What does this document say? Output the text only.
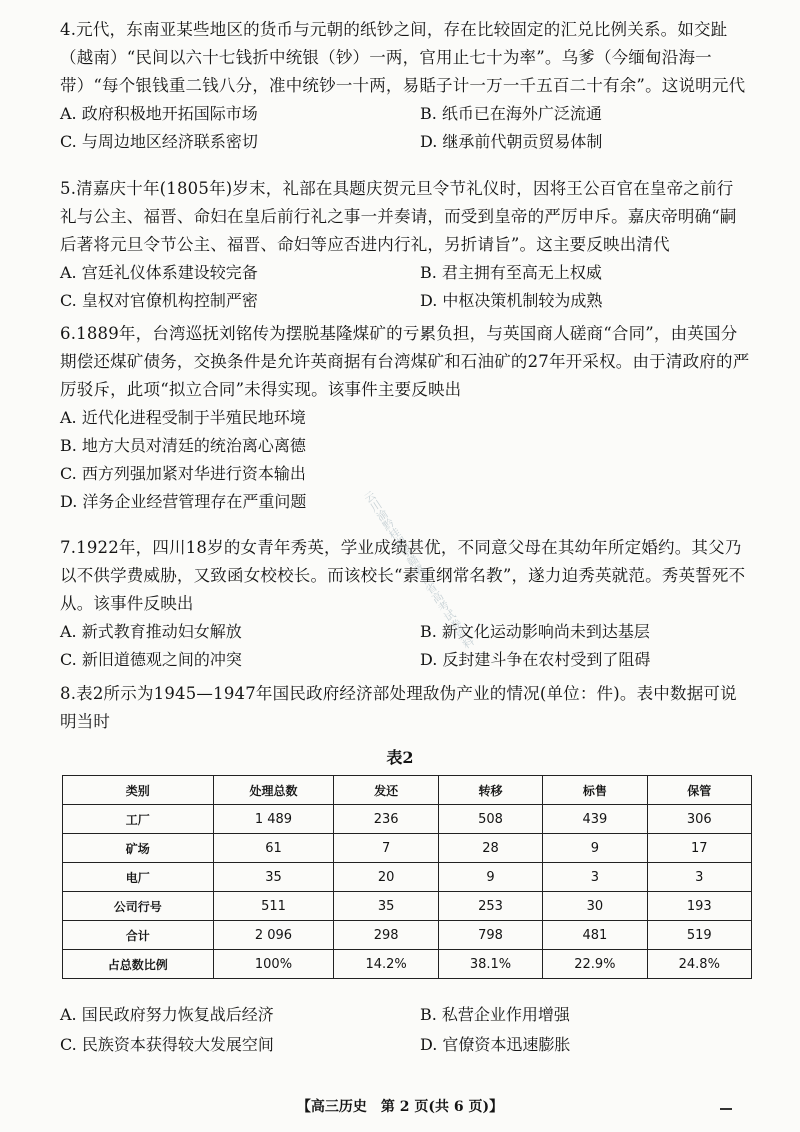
4.元代，东南亚某些地区的货币与元朝的纸钞之间，存在比较固定的汇兑比例关系。如交趾（越南）“民间以六十七钱折中统银（钞）一两，官用止七十为率”。乌爹（今缅甸沿海一带）“每个银钱重二钱八分，准中统钞一十两，易𧵳子计一万一千五百二十有余”。这说明元代
A. 政府积极地开拓国际市场	B. 纸币已在海外广泛流通
C. 与周边地区经济联系密切	D. 继承前代朝贡贸易体制
5.清嘉庆十年(1805年)岁末，礼部在具题庆贺元旦令节礼仪时，因将王公百官在皇帝之前行礼与公主、福晋、命妇在皇后前行礼之事一并奏请，而受到皇帝的严厉申斥。嘉庆帝明确“嗣后著将元旦令节公主、福晋、命妇等应否进内行礼，另折请旨”。这主要反映出清代
A. 宫廷礼仪体系建设较完备	B. 君主拥有至高无上权威
C. 皇权对官僚机构控制严密	D. 中枢决策机制较为成熟
6.1889年，台湾巡抚刘铭传为摆脱基隆煤矿的亏累负担，与英国商人磋商“合同”，由英国分期偿还煤矿债务，交换条件是允许英商据有台湾煤矿和石油矿的27年开采权。由于清政府的严厉驳斥，此项“拟立合同”未得实现。该事件主要反映出
A. 近代化进程受制于半殖民地环境
B. 地方大员对清廷的统治离心离德
C. 西方列强加紧对华进行资本输出
D. 洋务企业经营管理存在严重问题	云川渝黔桂湘鄂赣冀各省高考试卷资料
7.1922年，四川18岁的女青年秀英，学业成绩甚优，不同意父母在其幼年所定婚约。其父乃以不供学费威胁，又致函女校校长。而该校长“素重纲常名教”，遂力迫秀英就范。秀英誓死不从。该事件反映出
A. 新式教育推动妇女解放	B. 新文化运动影响尚未到达基层
C. 新旧道德观之间的冲突	D. 反封建斗争在农村受到了阻碍
8.表2所示为1945—1947年国民政府经济部处理敌伪产业的情况(单位：件)。表中数据可说明当时
表2
类别	处理总数	发还	转移	标售	保管
工厂	1 489	236	508	439	306
矿场	61	7	28	9	17
电厂	35	20	9	3	3
公司行号	511	35	253	30	193
合计	2 096	298	798	481	519
占总数比例	100%	14.2%	38.1%	22.9%	24.8%
A. 国民政府努力恢复战后经济	B. 私营企业作用增强
C. 民族资本获得较大发展空间	D. 官僚资本迅速膨胀
【高三历史　第 2 页(共 6 页)】
